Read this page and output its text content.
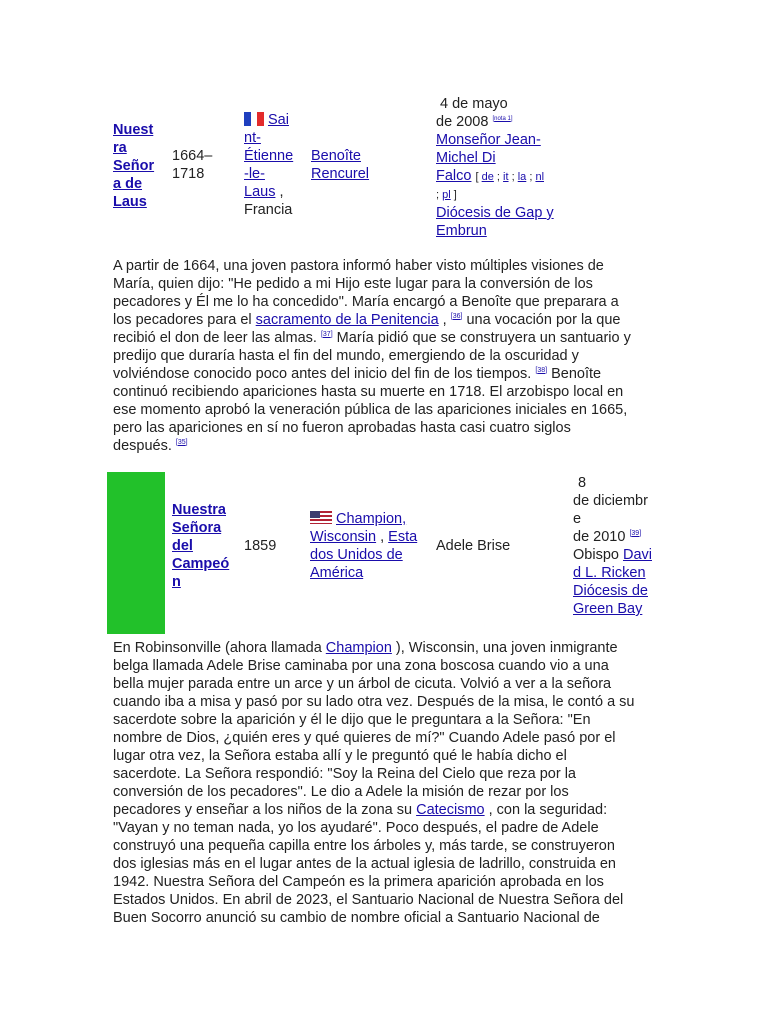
Nuest
ra
Señor
a de
Laus
1664–
1718
Sai
nt-
Étienne
-le-
Laus ,
Francia
Benoîte
Rencurel
4 de mayo
de 2008 [nota 1]
Monseñor Jean-
Michel Di
Falco [ de ; it ; la ; nl
; pl ]
Diócesis de Gap y
Embrun
A partir de 1664, una joven pastora informó haber visto múltiples visiones de
María, quien dijo: "He pedido a mi Hijo este lugar para la conversión de los
pecadores y Él me lo ha concedido". María encargó a Benoîte que preparara a
los pecadores para el sacramento de la Penitencia , [36] una vocación por la que
recibió el don de leer las almas. [37] María pidió que se construyera un santuario y
predijo que duraría hasta el fin del mundo, emergiendo de la oscuridad y
volviéndose conocido poco antes del inicio del fin de los tiempos. [38] Benoîte
continuó recibiendo apariciones hasta su muerte en 1718. El arzobispo local en
ese momento aprobó la veneración pública de las apariciones iniciales en 1665,
pero las apariciones en sí no fueron aprobadas hasta casi cuatro siglos
después. [35]
Nuestra
Señora
del
Campeó
n
1859
Champion,
Wisconsin , Esta
dos Unidos de
América
Adele Brise
8
de diciembr
e
de 2010 [39]
Obispo Davi
d L. Ricken
Diócesis de
Green Bay
En Robinsonville (ahora llamada Champion ), Wisconsin, una joven inmigrante
belga llamada Adele Brise caminaba por una zona boscosa cuando vio a una
bella mujer parada entre un arce y un árbol de cicuta. Volvió a ver a la señora
cuando iba a misa y pasó por su lado otra vez. Después de la misa, le contó a su
sacerdote sobre la aparición y él le dijo que le preguntara a la Señora: "En
nombre de Dios, ¿quién eres y qué quieres de mí?" Cuando Adele pasó por el
lugar otra vez, la Señora estaba allí y le preguntó qué le había dicho el
sacerdote. La Señora respondió: "Soy la Reina del Cielo que reza por la
conversión de los pecadores". Le dio a Adele la misión de rezar por los
pecadores y enseñar a los niños de la zona su Catecismo , con la seguridad:
"Vayan y no teman nada, yo los ayudaré". Poco después, el padre de Adele
construyó una pequeña capilla entre los árboles y, más tarde, se construyeron
dos iglesias más en el lugar antes de la actual iglesia de ladrillo, construida en
1942. Nuestra Señora del Campeón es la primera aparición aprobada en los
Estados Unidos. En abril de 2023, el Santuario Nacional de Nuestra Señora del
Buen Socorro anunció su cambio de nombre oficial a Santuario Nacional de
